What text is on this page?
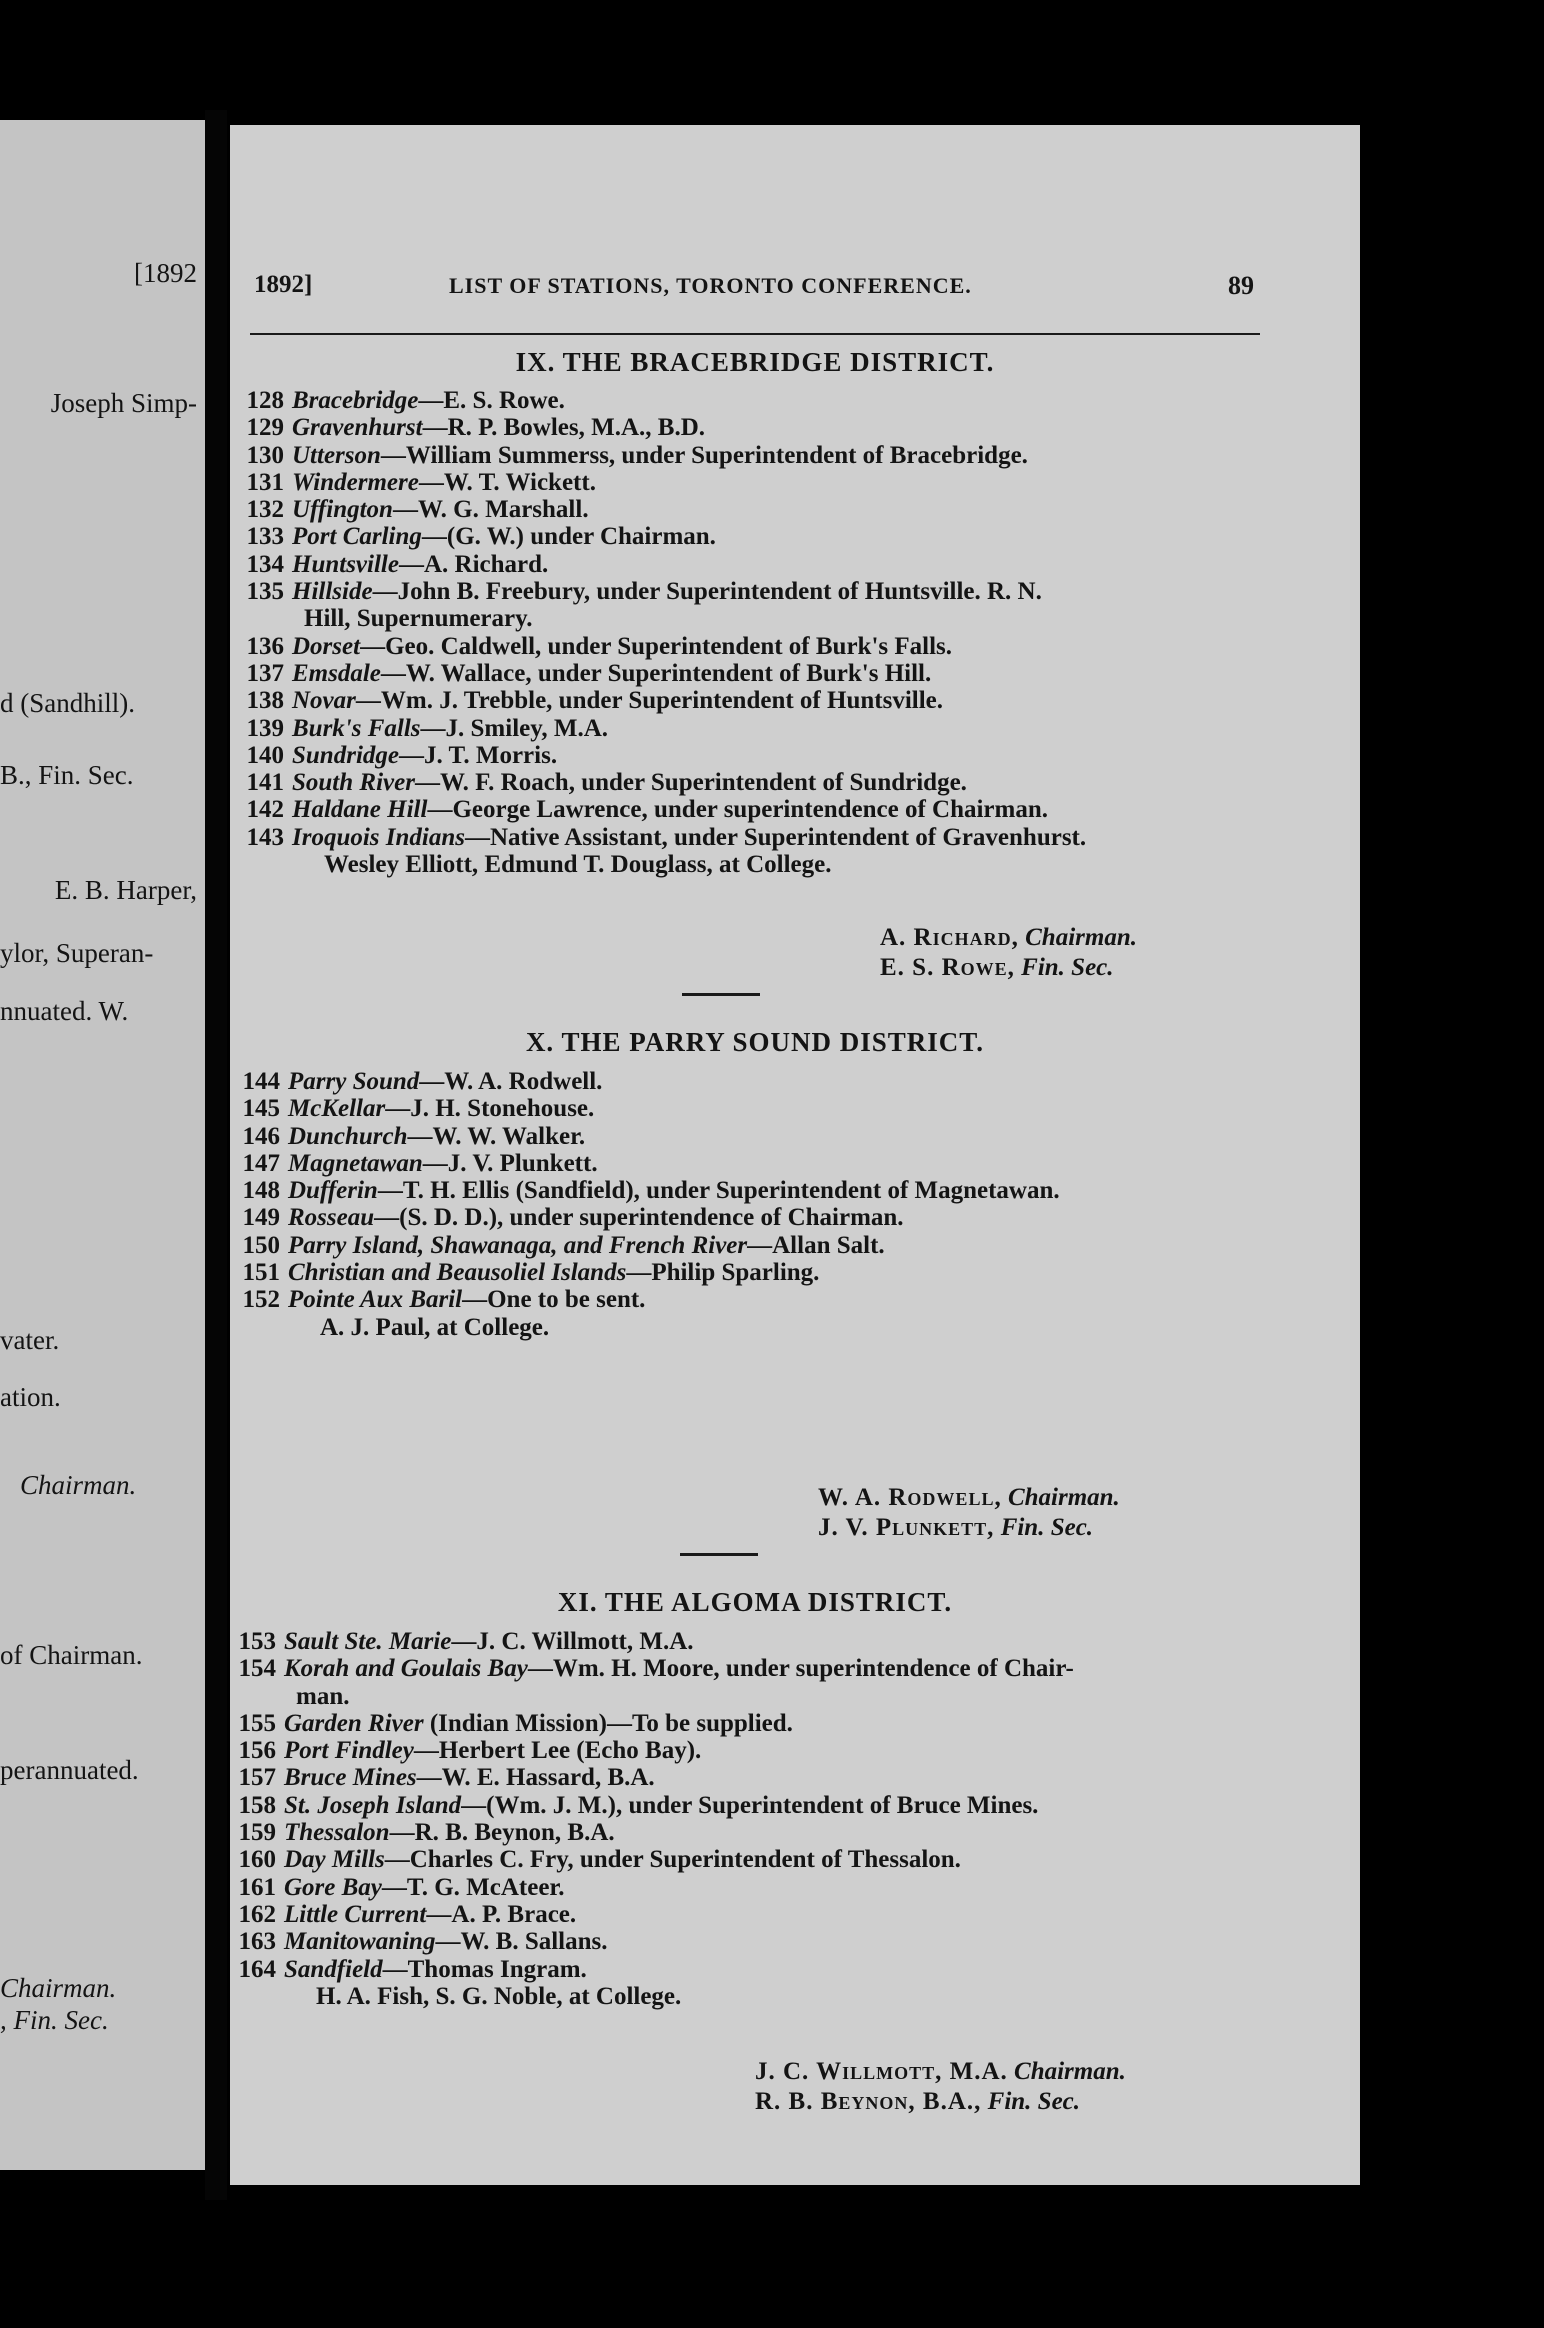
[1892
Joseph Simp-
d (Sandhill).
B., Fin. Sec.
E. B. Harper,
ylor, Superan-
nnuated. W.
vater.
ation.
Chairman.
of Chairman.
perannuated.
Chairman.
, Fin. Sec.
1892]	LIST OF STATIONS, TORONTO CONFERENCE.	89
IX. THE BRACEBRIDGE DISTRICT.
128 Bracebridge—E. S. Rowe.
129 Gravenhurst—R. P. Bowles, M.A., B.D.
130 Utterson—William Summerss, under Superintendent of Bracebridge.
131 Windermere—W. T. Wickett.
132 Uffington—W. G. Marshall.
133 Port Carling—(G. W.) under Chairman.
134 Huntsville—A. Richard.
135 Hillside—John B. Freebury, under Superintendent of Huntsville. R. N.
Hill, Supernumerary.
136 Dorset—Geo. Caldwell, under Superintendent of Burk's Falls.
137 Emsdale—W. Wallace, under Superintendent of Burk's Hill.
138 Novar—Wm. J. Trebble, under Superintendent of Huntsville.
139 Burk's Falls—J. Smiley, M.A.
140 Sundridge—J. T. Morris.
141 South River—W. F. Roach, under Superintendent of Sundridge.
142 Haldane Hill—George Lawrence, under superintendence of Chairman.
143 Iroquois Indians—Native Assistant, under Superintendent of Gravenhurst.
Wesley Elliott, Edmund T. Douglass, at College.
A. Richard, Chairman.
E. S. Rowe, Fin. Sec.
X. THE PARRY SOUND DISTRICT.
144 Parry Sound—W. A. Rodwell.
145 McKellar—J. H. Stonehouse.
146 Dunchurch—W. W. Walker.
147 Magnetawan—J. V. Plunkett.
148 Dufferin—T. H. Ellis (Sandfield), under Superintendent of Magnetawan.
149 Rosseau—(S. D. D.), under superintendence of Chairman.
150 Parry Island, Shawanaga, and French River—Allan Salt.
151 Christian and Beausoliel Islands—Philip Sparling.
152 Pointe Aux Baril—One to be sent.
A. J. Paul, at College.
W. A. Rodwell, Chairman.
J. V. Plunkett, Fin. Sec.
XI. THE ALGOMA DISTRICT.
153 Sault Ste. Marie—J. C. Willmott, M.A.
154 Korah and Goulais Bay—Wm. H. Moore, under superintendence of Chair-
man.
155 Garden River (Indian Mission)—To be supplied.
156 Port Findley—Herbert Lee (Echo Bay).
157 Bruce Mines—W. E. Hassard, B.A.
158 St. Joseph Island—(Wm. J. M.), under Superintendent of Bruce Mines.
159 Thessalon—R. B. Beynon, B.A.
160 Day Mills—Charles C. Fry, under Superintendent of Thessalon.
161 Gore Bay—T. G. McAteer.
162 Little Current—A. P. Brace.
163 Manitowaning—W. B. Sallans.
164 Sandfield—Thomas Ingram.
H. A. Fish, S. G. Noble, at College.
J. C. Willmott, M.A. Chairman.
R. B. Beynon, B.A., Fin. Sec.
